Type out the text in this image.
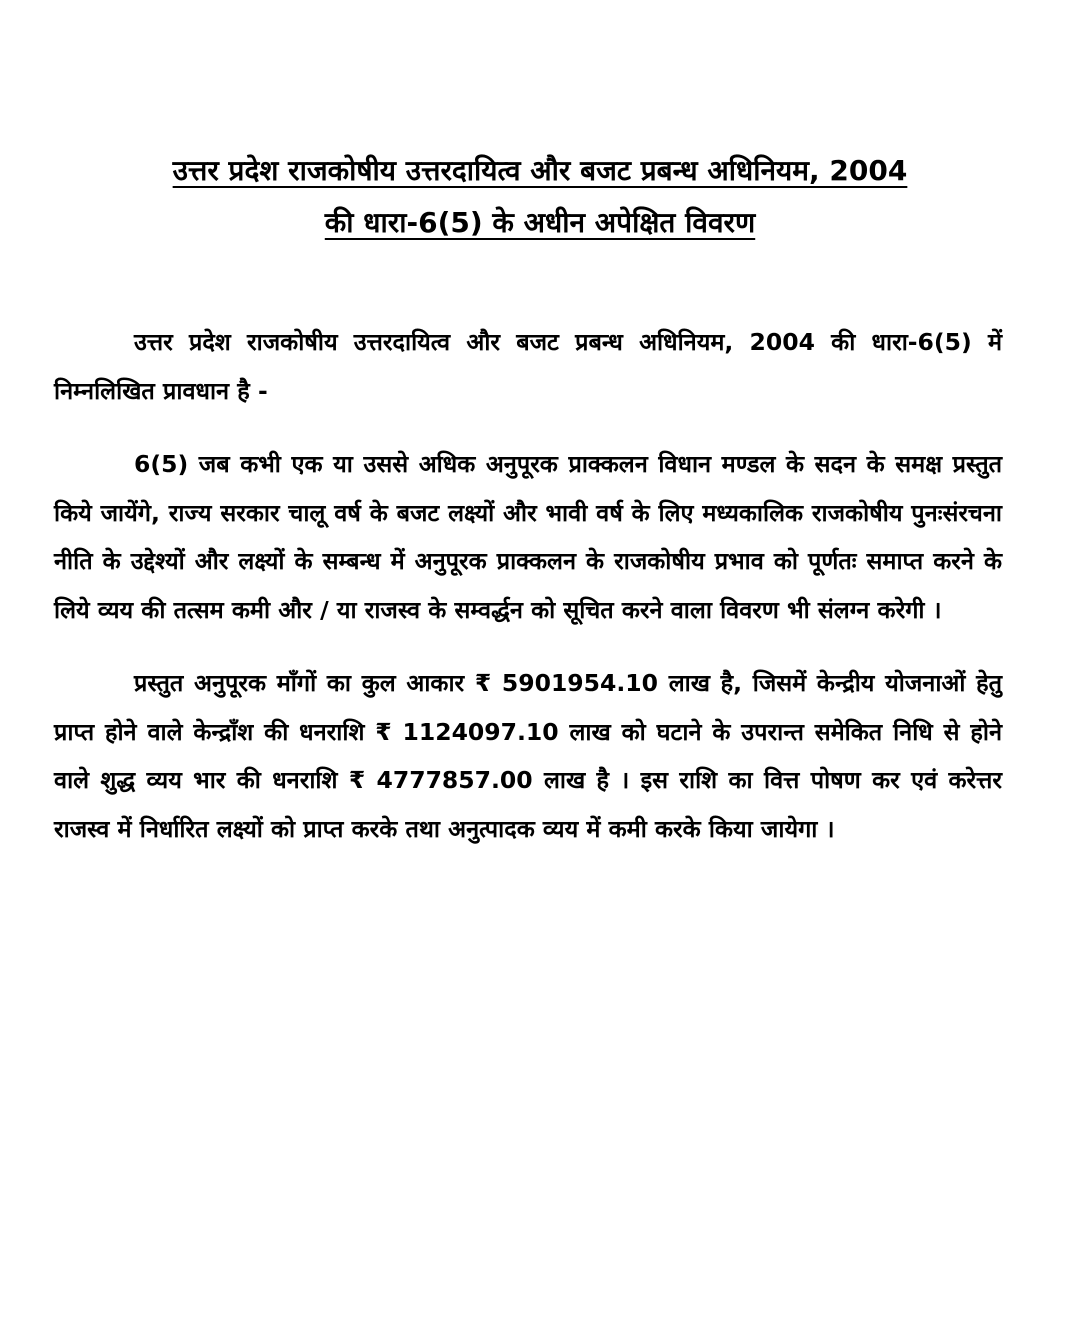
उत्तर प्रदेश राजकोषीय उत्तरदायित्व और बजट प्रबन्ध अधिनियम, 2004
की धारा-6(5) के अधीन अपेक्षित विवरण

उत्तर प्रदेश राजकोषीय उत्तरदायित्व और बजट प्रबन्ध अधिनियम, 2004 की धारा-6(5) में निम्नलिखित प्रावधान है -

6(5) जब कभी एक या उससे अधिक अनुपूरक प्राक्कलन विधान मण्डल के सदन के समक्ष प्रस्तुत किये जायेंगे, राज्य सरकार चालू वर्ष के बजट लक्ष्यों और भावी वर्ष के लिए मध्यकालिक राजकोषीय पुनःसंरचना नीति के उद्देश्यों और लक्ष्यों के सम्बन्ध में अनुपूरक प्राक्कलन के राजकोषीय प्रभाव को पूर्णतः समाप्त करने के लिये व्यय की तत्सम कमी और / या राजस्व के सम्वर्द्धन को सूचित करने वाला विवरण भी संलग्न करेगी ।

प्रस्तुत अनुपूरक माँगों का कुल आकार ₹ 5901954.10 लाख है, जिसमें केन्द्रीय योजनाओं हेतु प्राप्त होने वाले केन्द्राँश की धनराशि ₹ 1124097.10 लाख को घटाने के उपरान्त समेकित निधि से होने वाले शुद्ध व्यय भार की धनराशि ₹ 4777857.00 लाख है । इस राशि का वित्त पोषण कर एवं करेत्तर राजस्व में निर्धारित लक्ष्यों को प्राप्त करके तथा अनुत्पादक व्यय में कमी करके किया जायेगा ।
